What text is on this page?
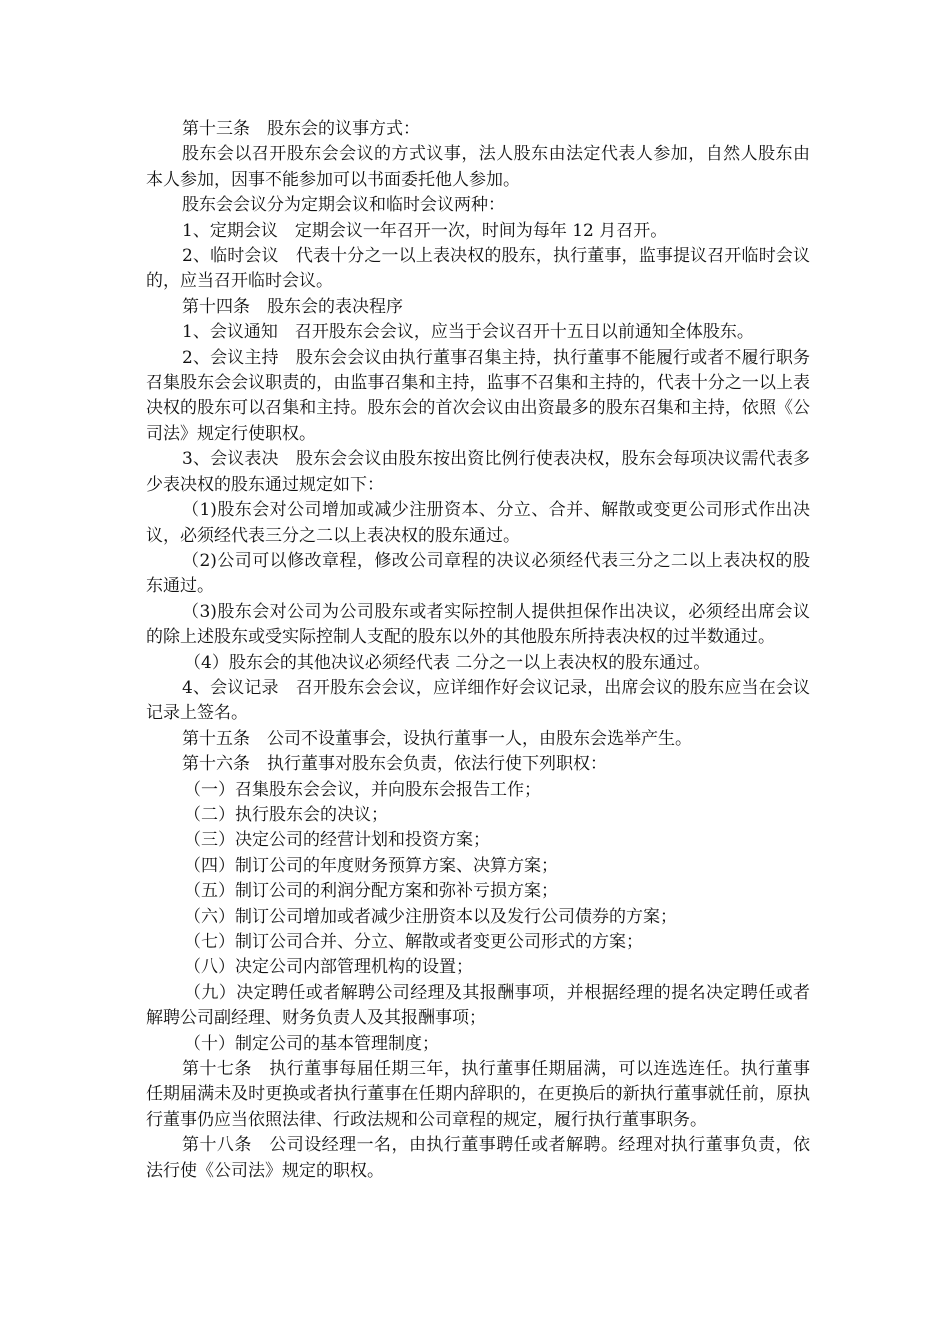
第十三条　股东会的议事方式：

股东会以召开股东会会议的方式议事，法人股东由法定代表人参加，自然人股东由本人参加，因事不能参加可以书面委托他人参加。

股东会会议分为定期会议和临时会议两种：

1、定期会议　定期会议一年召开一次，时间为每年 12 月召开。

2、临时会议　代表十分之一以上表决权的股东，执行董事，监事提议召开临时会议的，应当召开临时会议。

第十四条　股东会的表决程序

1、会议通知　召开股东会会议，应当于会议召开十五日以前通知全体股东。

2、会议主持　股东会会议由执行董事召集主持，执行董事不能履行或者不履行职务召集股东会会议职责的，由监事召集和主持，监事不召集和主持的，代表十分之一以上表决权的股东可以召集和主持。股东会的首次会议由出资最多的股东召集和主持，依照《公司法》规定行使职权。

3、会议表决　股东会会议由股东按出资比例行使表决权，股东会每项决议需代表多少表决权的股东通过规定如下：

（1)股东会对公司增加或减少注册资本、分立、合并、解散或变更公司形式作出决议，必须经代表三分之二以上表决权的股东通过。

（2)公司可以修改章程，修改公司章程的决议必须经代表三分之二以上表决权的股东通过。

（3)股东会对公司为公司股东或者实际控制人提供担保作出决议，必须经出席会议的除上述股东或受实际控制人支配的股东以外的其他股东所持表决权的过半数通过。

（4）股东会的其他决议必须经代表 二分之一以上表决权的股东通过。

4、会议记录　召开股东会会议，应详细作好会议记录，出席会议的股东应当在会议记录上签名。

第十五条　公司不设董事会，设执行董事一人，由股东会选举产生。

第十六条　执行董事对股东会负责，依法行使下列职权：

（一）召集股东会会议，并向股东会报告工作；

（二）执行股东会的决议；

（三）决定公司的经营计划和投资方案；

（四）制订公司的年度财务预算方案、决算方案；

（五）制订公司的利润分配方案和弥补亏损方案；

（六）制订公司增加或者减少注册资本以及发行公司债券的方案；

（七）制订公司合并、分立、解散或者变更公司形式的方案；

（八）决定公司内部管理机构的设置；

（九）决定聘任或者解聘公司经理及其报酬事项，并根据经理的提名决定聘任或者解聘公司副经理、财务负责人及其报酬事项；

（十）制定公司的基本管理制度；

第十七条　执行董事每届任期三年，执行董事任期届满，可以连选连任。执行董事任期届满未及时更换或者执行董事在任期内辞职的，在更换后的新执行董事就任前，原执行董事仍应当依照法律、行政法规和公司章程的规定，履行执行董事职务。

第十八条　公司设经理一名，由执行董事聘任或者解聘。经理对执行董事负责，依法行使《公司法》规定的职权。
